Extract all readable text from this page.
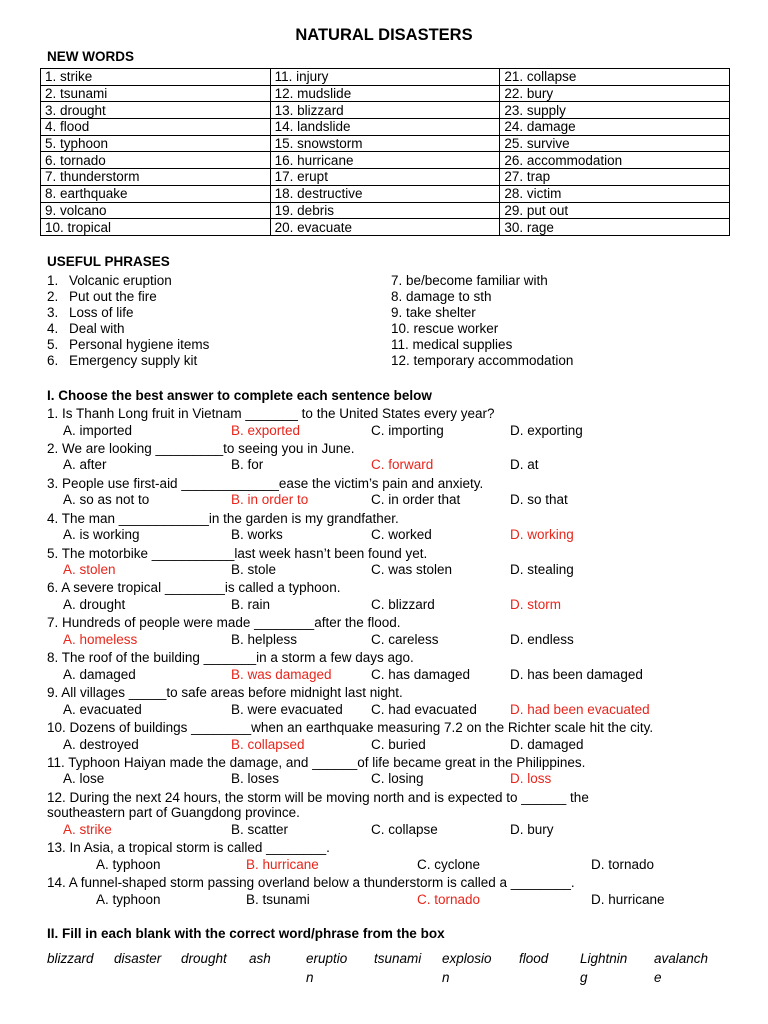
NATURAL DISASTERS
NEW WORDS
1. strike	11. injury	21. collapse
2. tsunami	12. mudslide	22. bury
3. drought	13. blizzard	23. supply
4. flood	14. landslide	24. damage
5. typhoon	15. snowstorm	25. survive
6. tornado	16. hurricane	26. accommodation
7. thunderstorm	17. erupt	27. trap
8. earthquake	18. destructive	28. victim
9. volcano	19. debris	29. put out
10. tropical	20. evacuate	30. rage
USEFUL PHRASES
1. Volcanic eruption
2. Put out the fire
3. Loss of life
4. Deal with
5. Personal hygiene items
6. Emergency supply kit
7. be/become familiar with
8. damage to sth
9. take shelter
10. rescue worker
11. medical supplies
12. temporary accommodation
I. Choose the best answer to complete each sentence below
1. Is Thanh Long fruit in Vietnam _______ to the United States every year?
A. imported	B. exported	C. importing	D. exporting
2. We are looking _________to seeing you in June.
A. after	B. for	C. forward	D. at
3. People use first-aid _____________ease the victim’s pain and anxiety.
A. so as not to	B. in order to	C. in order that	D. so that
4. The man ____________in the garden is my grandfather.
A. is working	B. works	C. worked	D. working
5. The motorbike ___________last week hasn’t been found yet.
A. stolen	B. stole	C. was stolen	D. stealing
6. A severe tropical ________is called a typhoon.
A. drought	B. rain	C. blizzard	D. storm
7. Hundreds of people were made ________after the flood.
A. homeless	B. helpless	C. careless	D. endless
8. The roof of the building _______in a storm a few days ago.
A. damaged	B. was damaged	C. has damaged	D. has been damaged
9. All villages _____to safe areas before midnight last night.
A. evacuated	B. were evacuated C. had evacuated D. had been evacuated
10. Dozens of buildings ________when an earthquake measuring 7.2 on the Richter scale hit the city.
A. destroyed	B. collapsed	C. buried	D. damaged
11. Typhoon Haiyan made the damage, and ______of life became great in the Philippines.
A. lose	B. loses	C. losing	D. loss
12. During the next 24 hours, the storm will be moving north and is expected to ______ the
southeastern part of Guangdong province.
A. strike	B. scatter	C. collapse	D. bury
13. In Asia, a tropical storm is called ________.
A. typhoon	B. hurricane	C. cyclone	D. tornado
14. A funnel-shaped storm passing overland below a thunderstorm is called a ________.
A. typhoon	B. tsunami	C. tornado	D. hurricane
II. Fill in each blank with the correct word/phrase from the box
blizzard disaster drought ash	eruptio
n
tsunami explosio
n
flood Lightnin
g
avalanch
e
